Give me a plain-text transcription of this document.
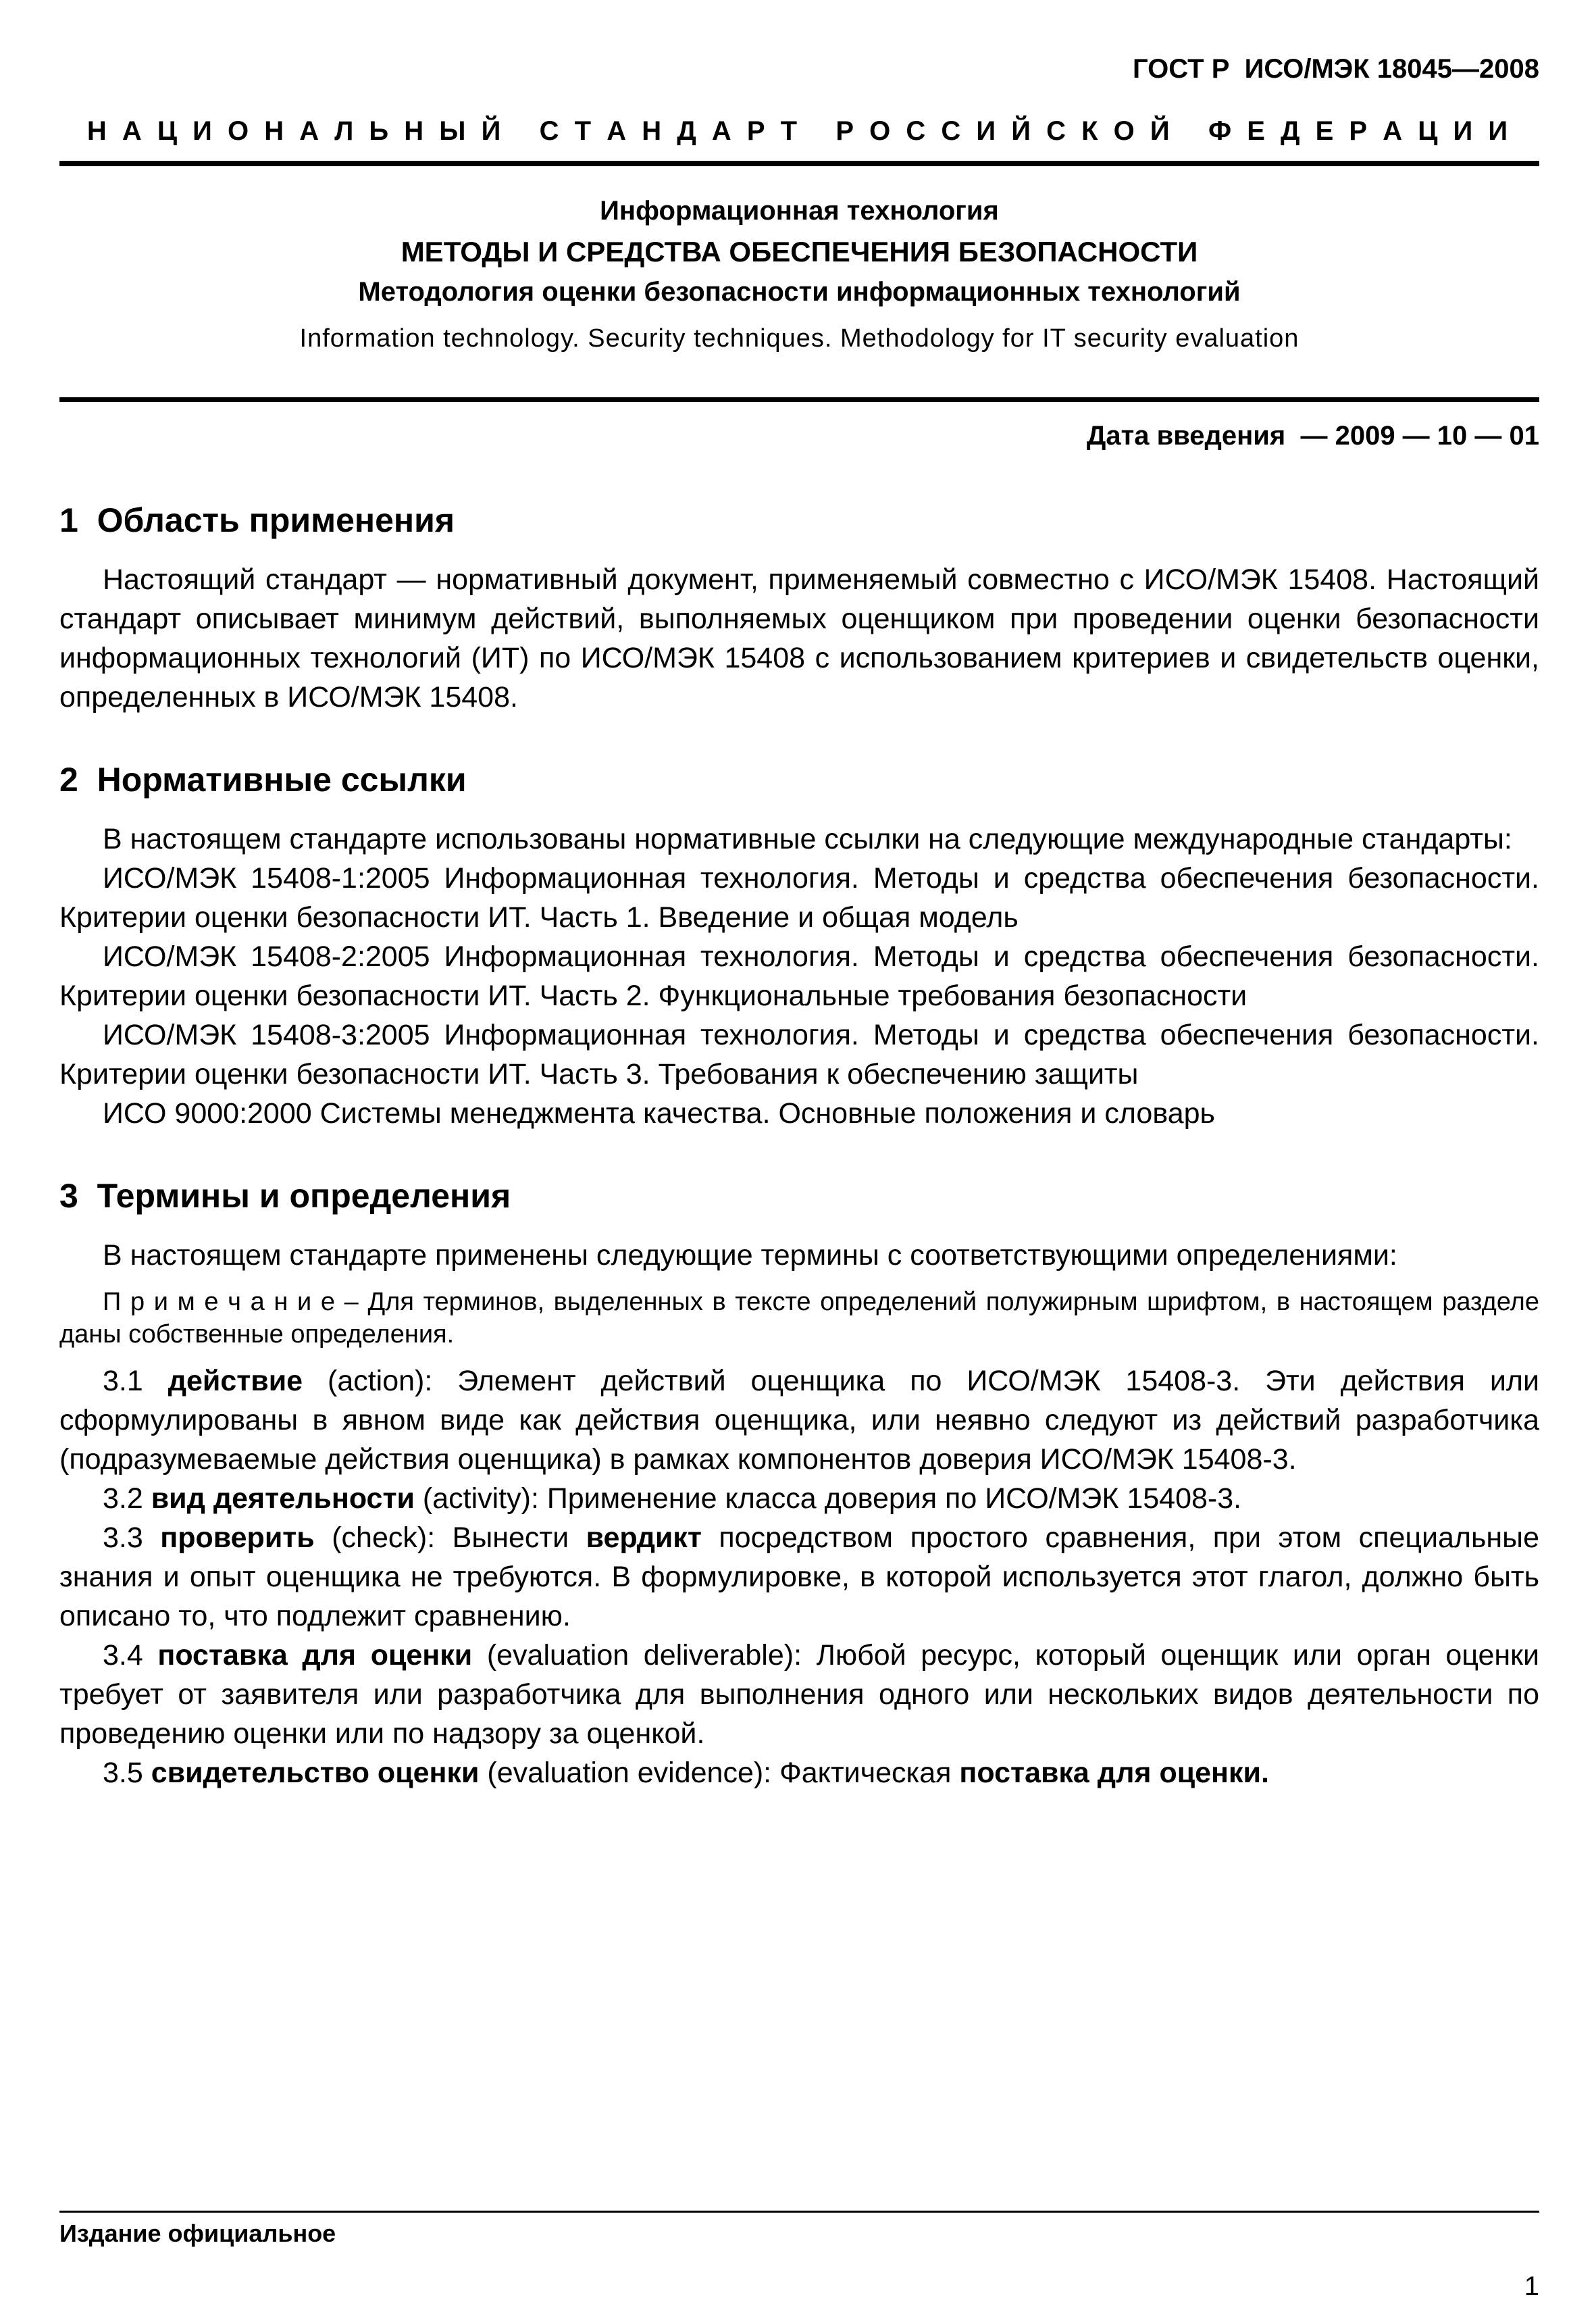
ГОСТ Р  ИСО/МЭК 18045—2008
Н А Ц И О Н А Л Ь Н Ы Й   С Т А Н Д А Р Т   Р О С С И Й С К О Й   Ф Е Д Е Р А Ц И И
Информационная технология
МЕТОДЫ И СРЕДСТВА ОБЕСПЕЧЕНИЯ БЕЗОПАСНОСТИ
Методология оценки безопасности информационных технологий
Information technology. Security techniques. Methodology for IT security evaluation
Дата введения  — 2009 — 10 — 01
1  Область применения

Настоящий стандарт — нормативный документ, применяемый совместно с ИСО/МЭК 15408. Настоящий стандарт описывает минимум действий, выполняемых оценщиком при проведении оценки безопасности информационных технологий (ИТ) по ИСО/МЭК 15408 с использованием критериев и свидетельств оценки, определенных в ИСО/МЭК 15408.

2  Нормативные ссылки

В настоящем стандарте использованы нормативные ссылки на следующие международные стандарты:

ИСО/МЭК 15408-1:2005 Информационная технология. Методы и средства обеспечения безопасности. Критерии оценки безопасности ИТ. Часть 1. Введение и общая модель

ИСО/МЭК 15408-2:2005 Информационная технология. Методы и средства обеспечения безопасности. Критерии оценки безопасности ИТ. Часть 2. Функциональные требования безопасности

ИСО/МЭК 15408-3:2005 Информационная технология. Методы и средства обеспечения безопасности. Критерии оценки безопасности ИТ. Часть 3. Требования к обеспечению защиты

ИСО 9000:2000 Системы менеджмента качества. Основные положения и словарь

3  Термины и определения

В настоящем стандарте применены следующие термины с соответствующими определениями:

П р и м е ч а н и е – Для терминов, выделенных в тексте определений полужирным шрифтом, в настоящем разделе даны собственные определения.

3.1 действие (action): Элемент действий оценщика по ИСО/МЭК 15408-3. Эти действия или сформулированы в явном виде как действия оценщика, или неявно следуют из действий разработчика (подразумеваемые действия оценщика) в рамках компонентов доверия ИСО/МЭК 15408-3.

3.2 вид деятельности (activity): Применение класса доверия по ИСО/МЭК 15408-3.

3.3 проверить (check): Вынести вердикт посредством простого сравнения, при этом специальные знания и опыт оценщика не требуются. В формулировке, в которой используется этот глагол, должно быть описано то, что подлежит сравнению.

3.4 поставка для оценки (evaluation deliverable): Любой ресурс, который оценщик или орган оценки требует от заявителя или разработчика для выполнения одного или нескольких видов деятельности по проведению оценки или по надзору за оценкой.

3.5 свидетельство оценки (evaluation evidence): Фактическая поставка для оценки.

Издание официальное
1
